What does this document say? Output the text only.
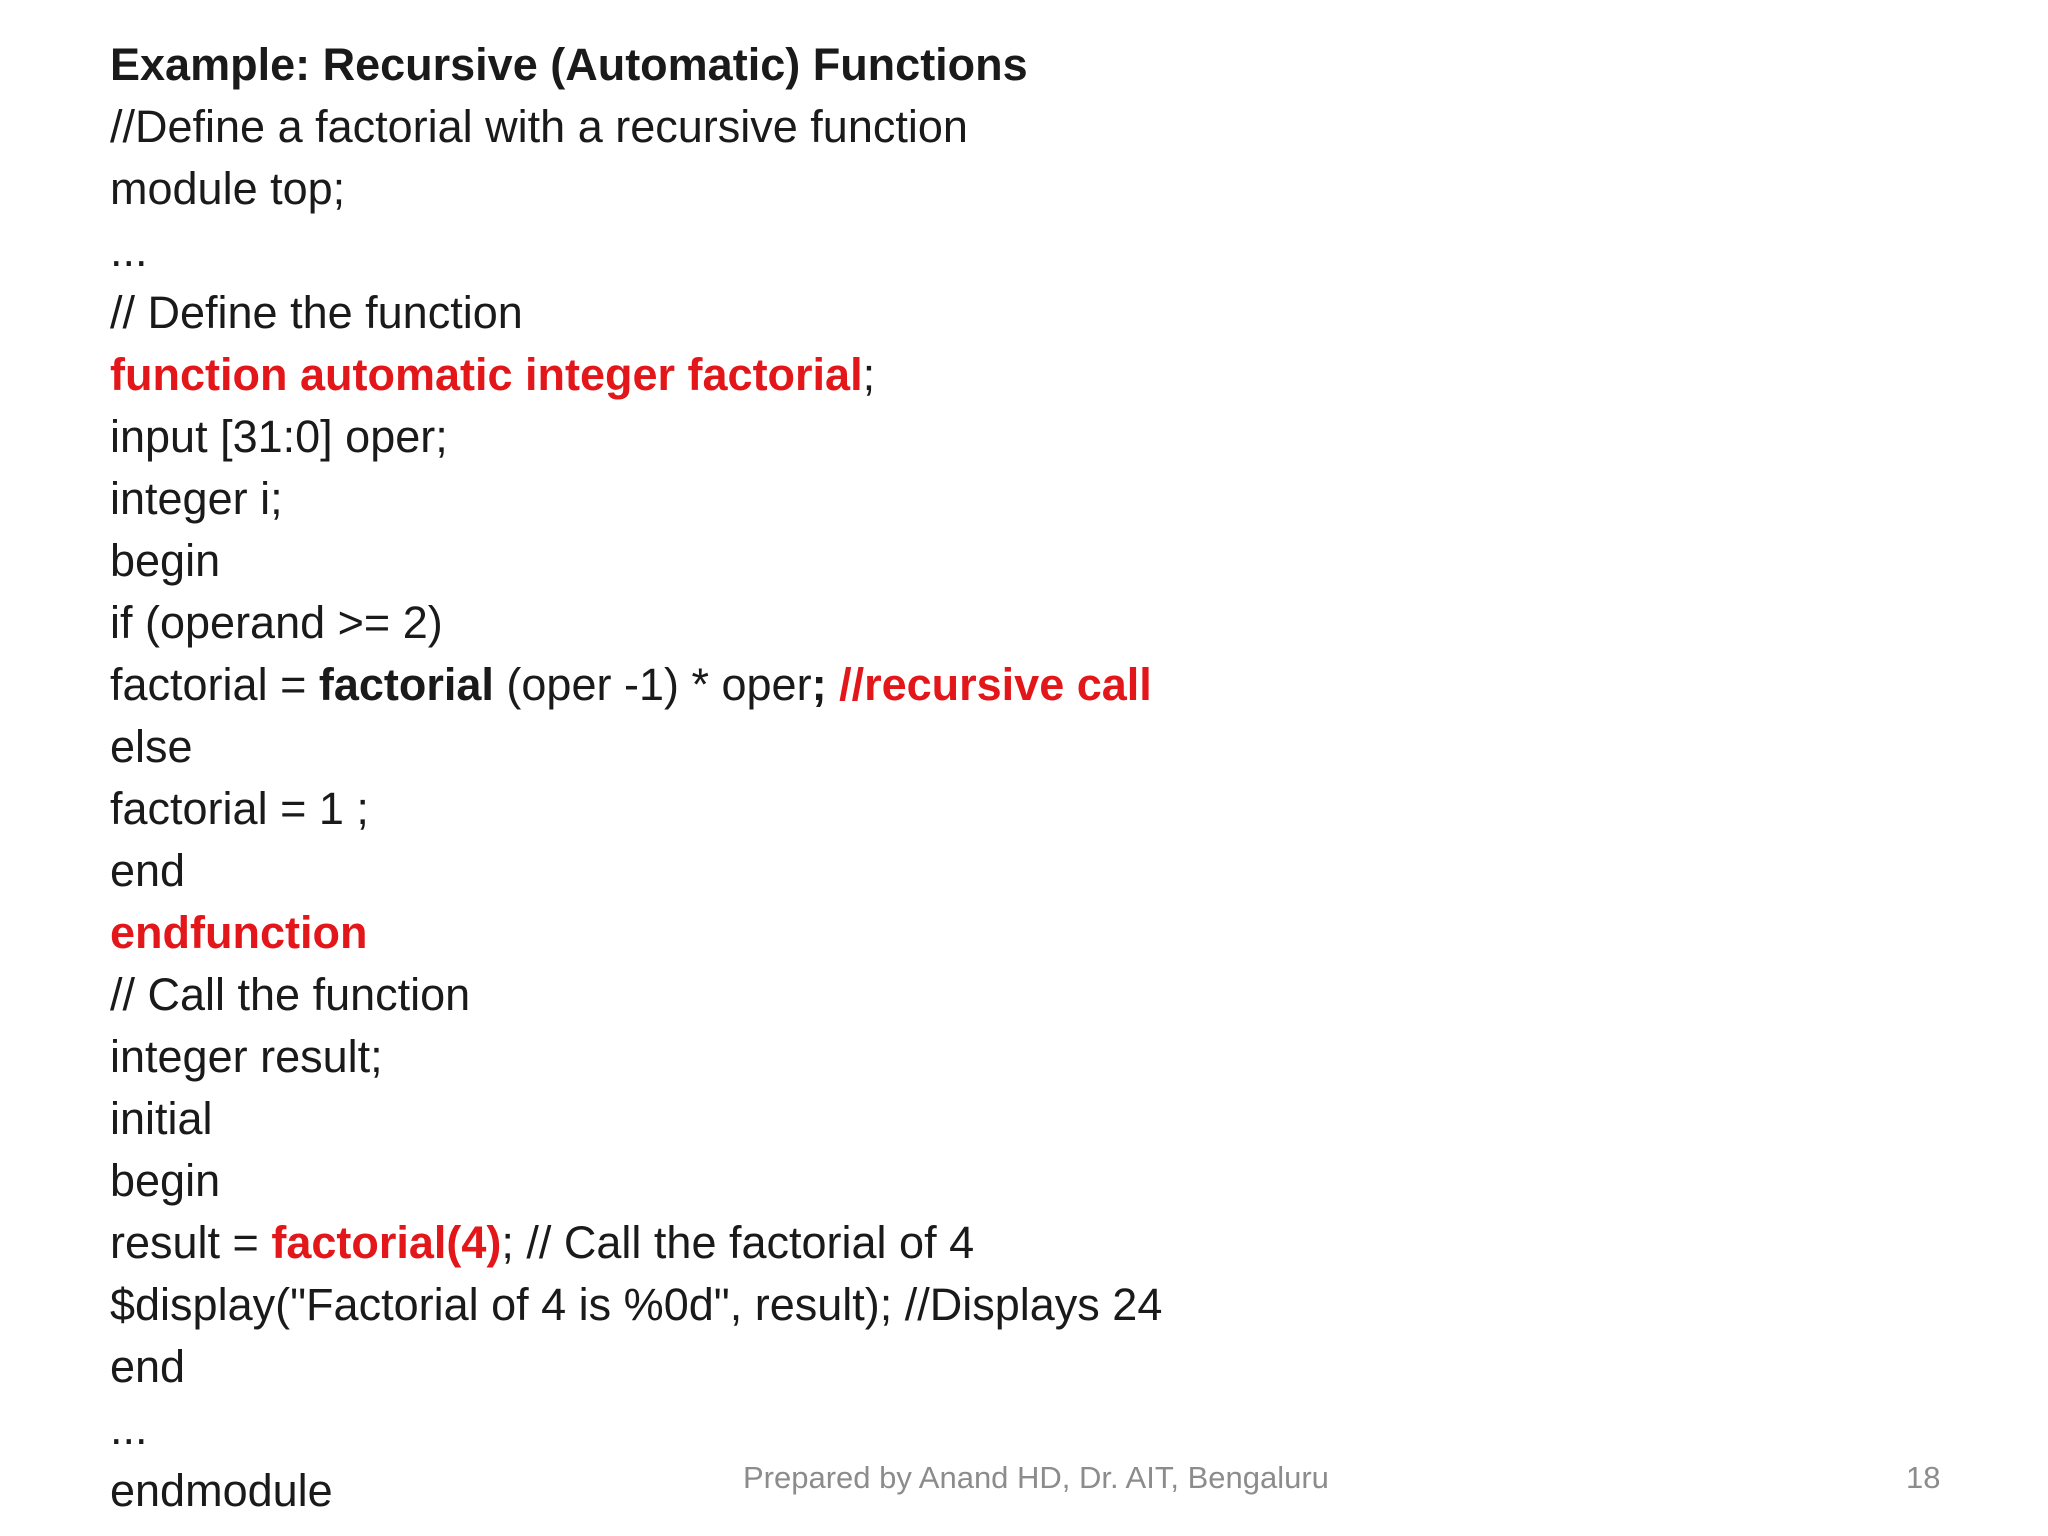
Example: Recursive (Automatic) Functions
//Define a factorial with a recursive function
module top;
...
// Define the function
function automatic integer factorial;
input [31:0] oper;
integer i;
begin
if (operand >= 2)
factorial = factorial (oper -1) * oper; //recursive call
else
factorial = 1 ;
end
endfunction
// Call the function
integer result;
initial
begin
result = factorial(4); // Call the factorial of 4
$display("Factorial of 4 is %0d", result); //Displays 24
end
...
endmodule	Prepared by Anand HD, Dr. AIT, Bengaluru	18
